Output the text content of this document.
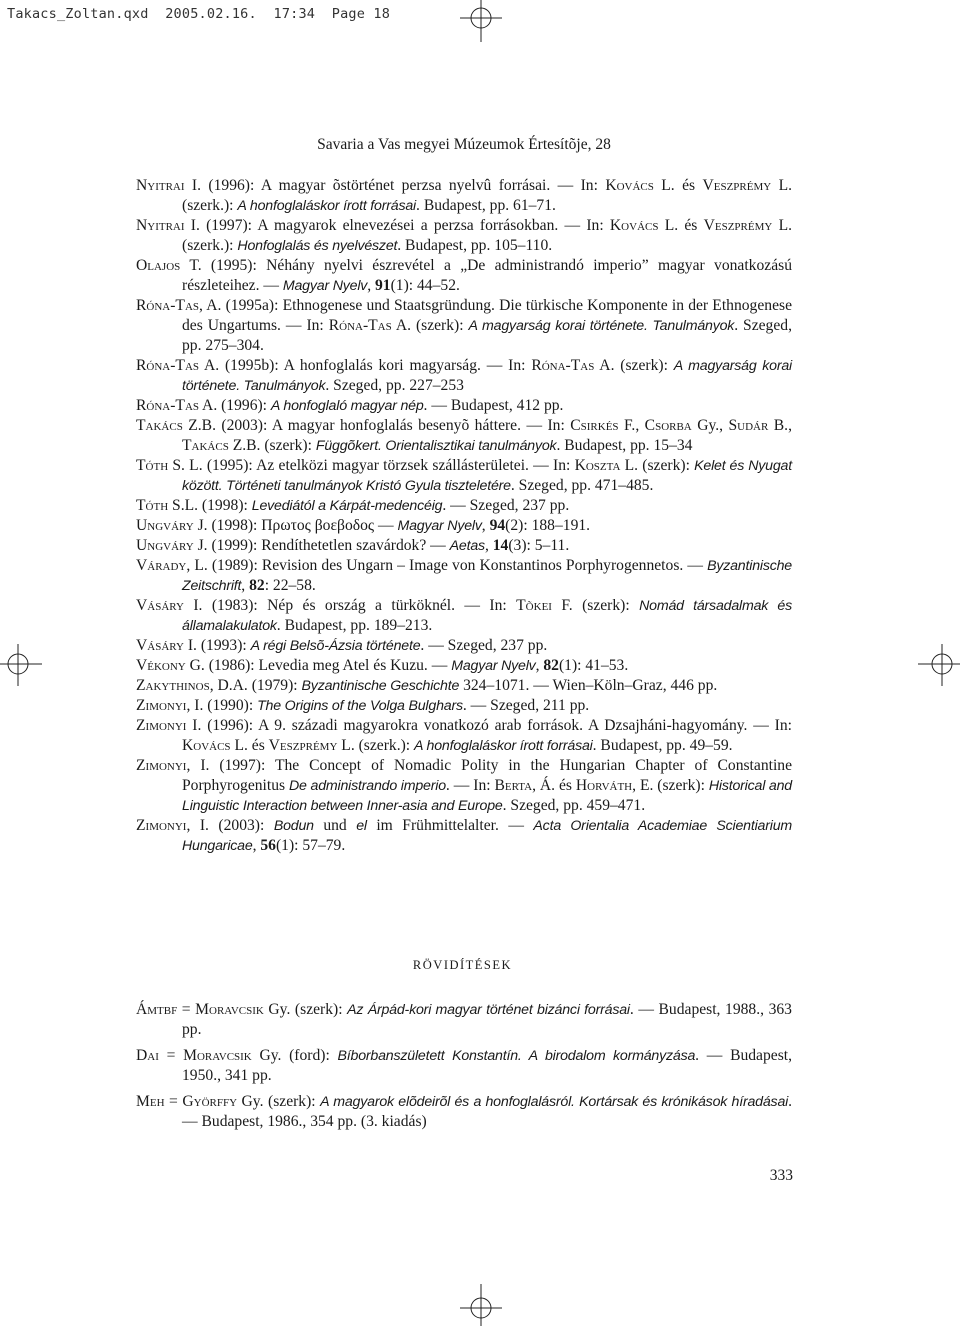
Takacs_Zoltan.qxd  2005.02.16.  17:34  Page 18
Savaria a Vas megyei Múzeumok Értesítõje, 28
Nyitrai I. (1996): A magyar õstörténet perzsa nyelvû forrásai. — In: Kovács L. és Veszprémy L. (szerk.): A honfoglaláskor írott forrásai. Budapest, pp. 61–71.
Nyitrai I. (1997): A magyarok elnevezései a perzsa forrásokban. — In: Kovács L. és Veszprémy L. (szerk.): Honfoglalás és nyelvészet. Budapest, pp. 105–110.
Olajos T. (1995): Néhány nyelvi észrevétel a „De administrandó imperio” magyar vonatkozású részleteihez. — Magyar Nyelv, 91(1): 44–52.
Róna-Tas, A. (1995a): Ethnogenese und Staatsgründung. Die türkische Komponente in der Ethnogenese des Ungartums. — In: Róna-Tas A. (szerk): A magyarság korai története. Tanulmányok. Szeged, pp. 275–304.
Róna-Tas A. (1995b): A honfoglalás kori magyarság. — In: Róna-Tas A. (szerk): A magyarság korai története. Tanulmányok. Szeged, pp. 227–253
Róna-Tas A. (1996): A honfoglaló magyar nép. — Budapest, 412 pp.
Takács Z.B. (2003): A magyar honfoglalás besenyõ háttere. — In: Csirkés F., Csorba Gy., Sudár B., Takács Z.B. (szerk): Függõkert. Orientalisztikai tanulmányok. Budapest, pp. 15–34
Tóth S. L. (1995): Az etelközi magyar törzsek szállásterületei. — In: Koszta L. (szerk): Kelet és Nyugat között. Történeti tanulmányok Kristó Gyula tiszteletére. Szeged, pp. 471–485.
Tóth S.L. (1998): Levediától a Kárpát-medencéig. — Szeged, 237 pp.
Ungváry J. (1998): Πρωτος βοεβοδος — Magyar Nyelv, 94(2): 188–191.
Ungváry J. (1999): Rendíthetetlen szavárdok? — Aetas, 14(3): 5–11.
Várady, L. (1989): Revision des Ungarn – Image von Konstantinos Porphyrogennetos. — Byzantinische Zeitschrift, 82: 22–58.
Vásáry I. (1983): Nép és ország a türköknél. — In: Tõkei F. (szerk): Nomád társadalmak és államalakulatok. Budapest, pp. 189–213.
Vásáry I. (1993): A régi Belsõ-Ázsia története. — Szeged, 237 pp.
Vékony G. (1986): Levedia meg Atel és Kuzu. — Magyar Nyelv, 82(1): 41–53.
Zakythinos, D.A. (1979): Byzantinische Geschichte 324–1071. — Wien–Köln–Graz, 446 pp.
Zimonyi, I. (1990): The Origins of the Volga Bulghars. — Szeged, 211 pp.
Zimonyi I. (1996): A 9. századi magyarokra vonatkozó arab források. A Dzsajháni-hagyomány. — In: Kovács L. és Veszprémy L. (szerk.): A honfoglaláskor írott forrásai. Budapest, pp. 49–59.
Zimonyi, I. (1997): The Concept of Nomadic Polity in the Hungarian Chapter of Constantine Porphyrogenitus De administrando imperio. — In: Berta, Á. és Horváth, E. (szerk): Historical and Linguistic Interaction between Inner-asia and Europe. Szeged, pp. 459–471.
Zimonyi, I. (2003): Bodun und el im Frühmittelalter. — Acta Orientalia Academiae Scientiarium Hungaricae, 56(1): 57–79.
RÖVIDÍTÉSEK
Ámtbf = Moravcsik Gy. (szerk): Az Árpád-kori magyar történet bizánci forrásai. — Budapest, 1988., 363 pp.
Dai = Moravcsik Gy. (ford): Bíborbanszületett Konstantín. A birodalom kormányzása. — Budapest, 1950., 341 pp.
Meh = Györffy Gy. (szerk): A magyarok elõdeirõl és a honfoglalásról. Kortársak és krónikások híradásai. — Budapest, 1986., 354 pp. (3. kiadás)
333
